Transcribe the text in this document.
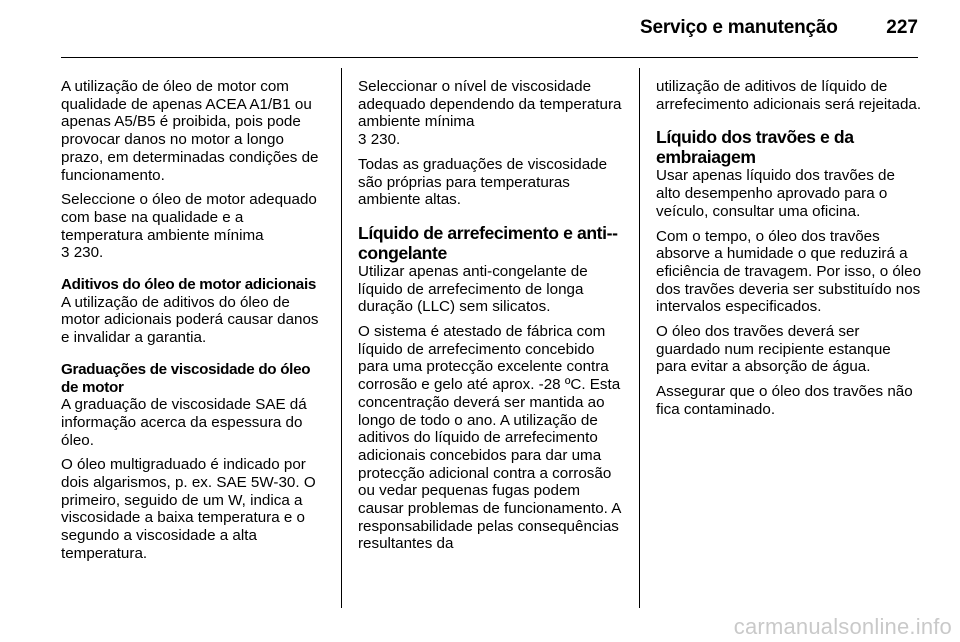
Serviço e manutenção	227

A utilização de óleo de motor com qualidade de apenas ACEA A1/B1 ou apenas A5/B5 é proibida, pois pode provocar danos no motor a longo prazo, em determinadas condições de funcionamento.

Seleccione o óleo de motor adequado com base na qualidade e a temperatura ambiente mínima
3 230.

Aditivos do óleo de motor adicionais

A utilização de aditivos do óleo de motor adicionais poderá causar danos e invalidar a garantia.

Graduações de viscosidade do óleo de motor

A graduação de viscosidade SAE dá informação acerca da espessura do óleo.

O óleo multigraduado é indicado por dois algarismos, p. ex. SAE 5W-30. O primeiro, seguido de um W, indica a viscosidade a baixa temperatura e o segundo a viscosidade a alta temperatura.

Seleccionar o nível de viscosidade adequado dependendo da temperatura ambiente mínima
3 230.

Todas as graduações de viscosidade são próprias para temperaturas ambiente altas.

Líquido de arrefecimento e anti--congelante

Utilizar apenas anti-congelante de líquido de arrefecimento de longa duração (LLC) sem silicatos.

O sistema é atestado de fábrica com líquido de arrefecimento concebido para uma protecção excelente contra corrosão e gelo até aprox. -28 ºC. Esta concentração deverá ser mantida ao longo de todo o ano. A utilização de aditivos do líquido de arrefecimento adicionais concebidos para dar uma protecção adicional contra a corrosão ou vedar pequenas fugas podem causar problemas de funcionamento. A responsabilidade pelas consequências resultantes da

utilização de aditivos de líquido de arrefecimento adicionais será rejeitada.

Líquido dos travões e da embraiagem

Usar apenas líquido dos travões de alto desempenho aprovado para o veículo, consultar uma oficina.

Com o tempo, o óleo dos travões absorve a humidade o que reduzirá a eficiência de travagem. Por isso, o óleo dos travões deveria ser substituído nos intervalos especificados.

O óleo dos travões deverá ser guardado num recipiente estanque para evitar a absorção de água.

Assegurar que o óleo dos travões não fica contaminado.

carmanualsonline.info
